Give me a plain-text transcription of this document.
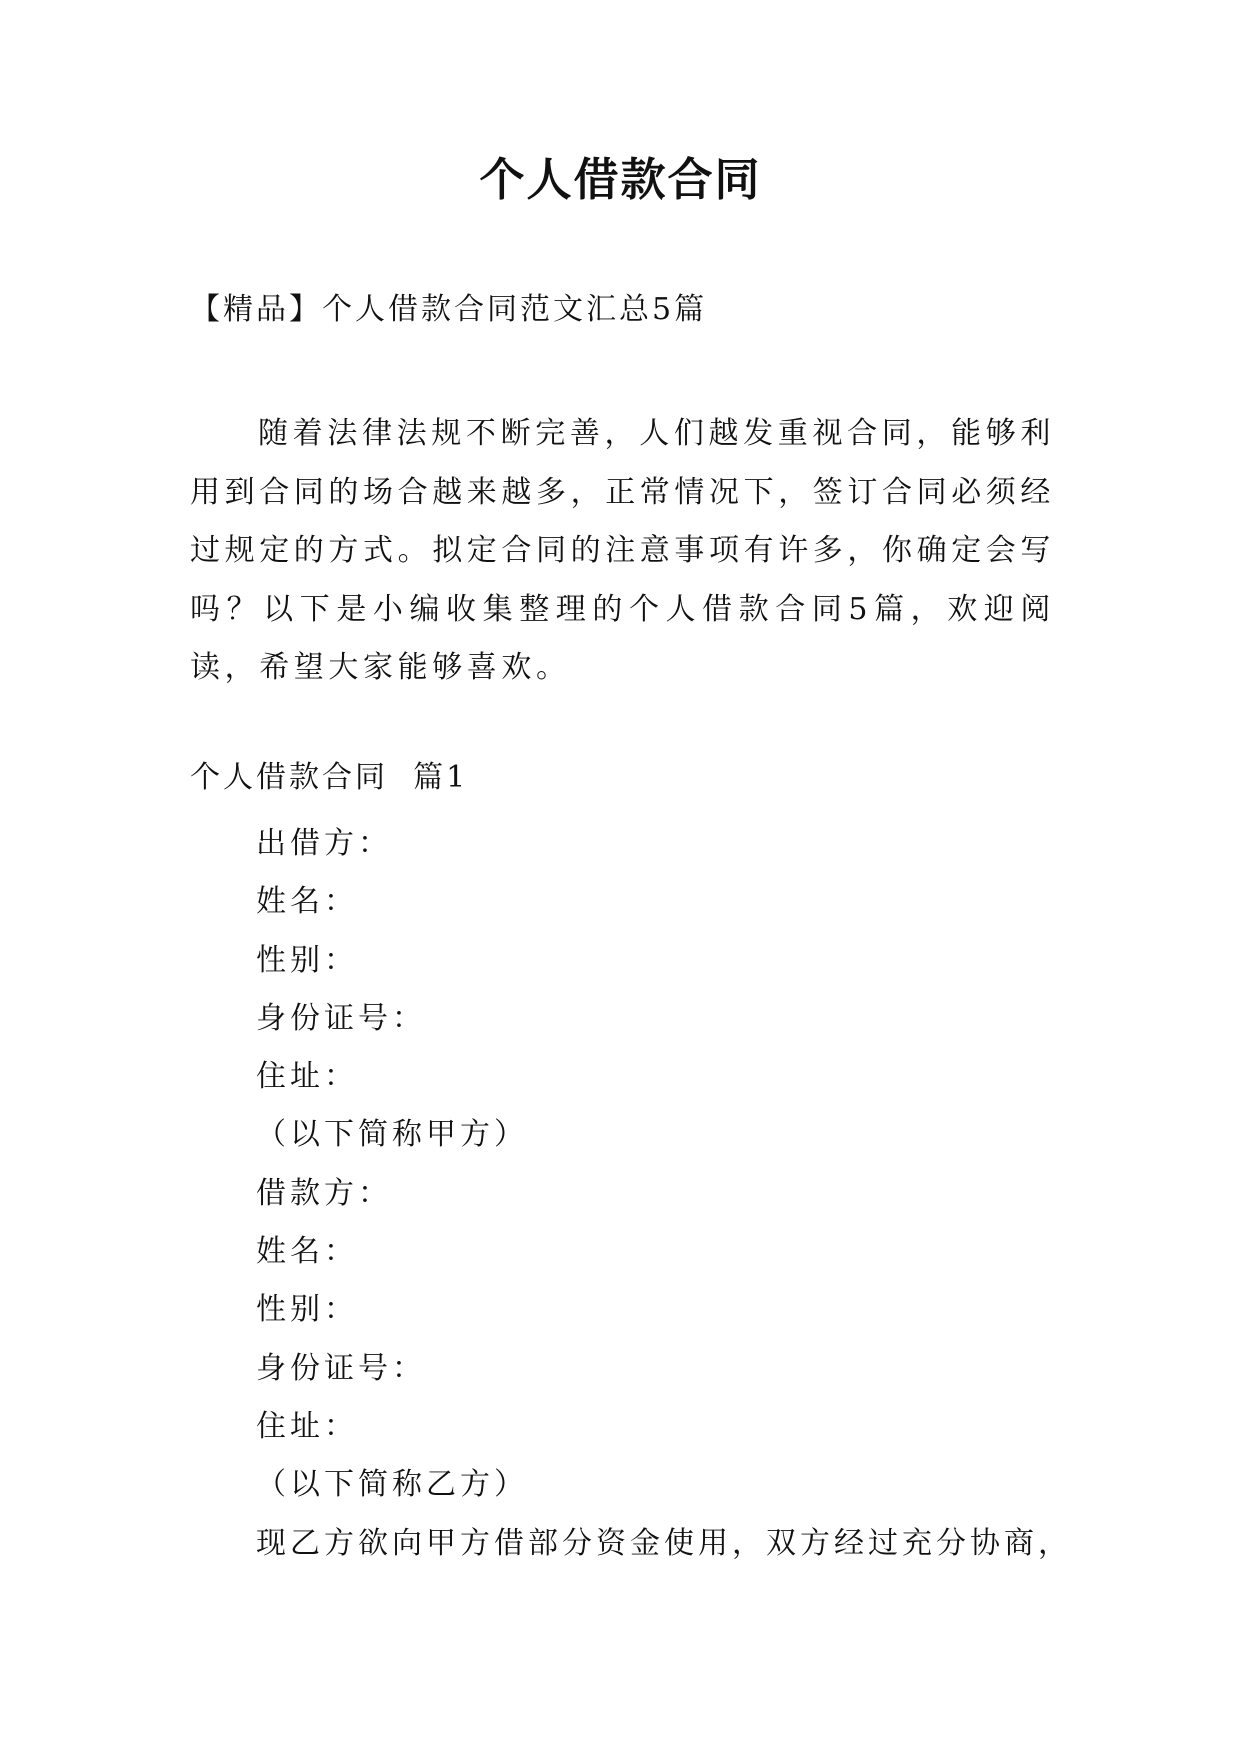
个人借款合同
【精品】个人借款合同范文汇总5篇

随着法律法规不断完善，人们越发重视合同，能够利用到合同的场合越来越多，正常情况下，签订合同必须经过规定的方式。拟定合同的注意事项有许多，你确定会写吗？以下是小编收集整理的个人借款合同5篇，欢迎阅读，希望大家能够喜欢。

个人借款合同  篇1
出借方：
姓名：
性别：
身份证号：
住址：
（以下简称甲方）
借款方：
姓名：
性别：
身份证号：
住址：
（以下简称乙方）
现乙方欲向甲方借部分资金使用，双方经过充分协商，
